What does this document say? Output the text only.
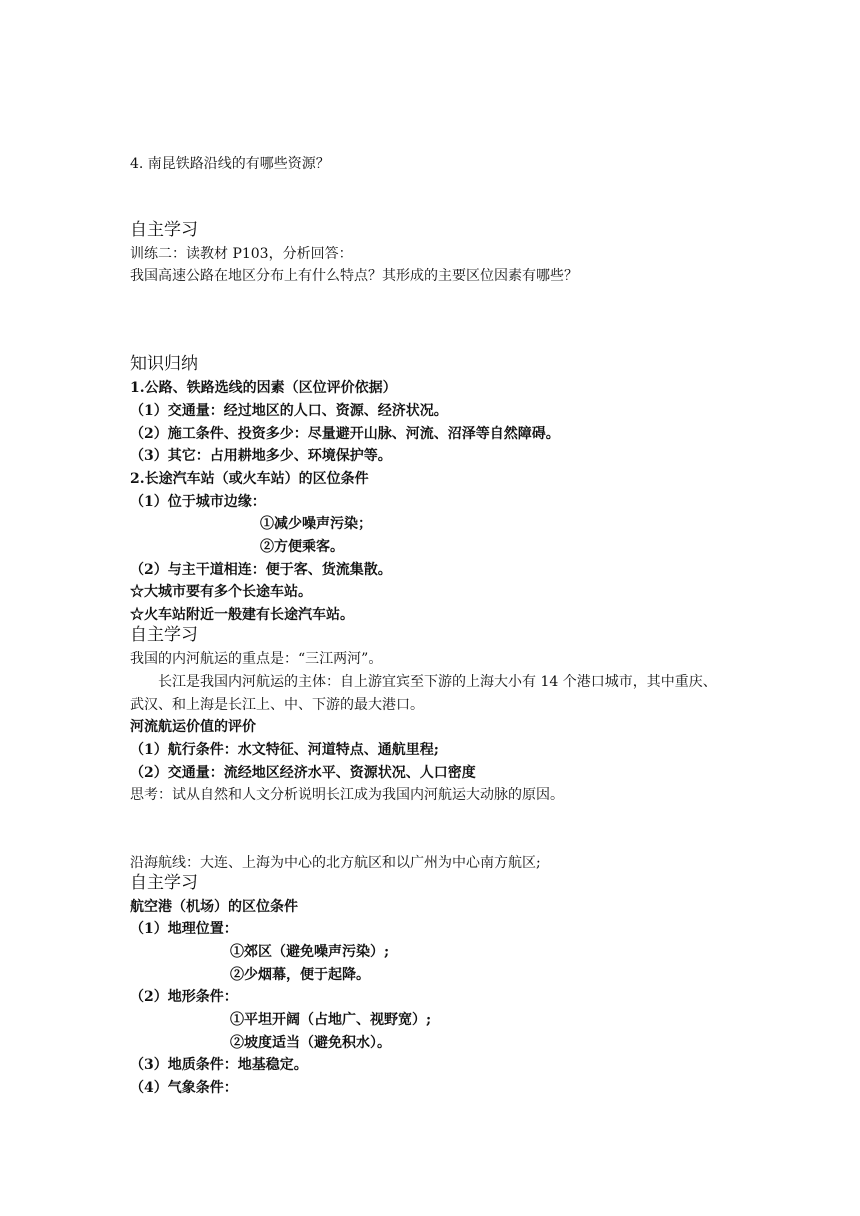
4. 南昆铁路沿线的有哪些资源？
自主学习
训练二：读教材 P103，分析回答：
我国高速公路在地区分布上有什么特点？其形成的主要区位因素有哪些？
知识归纳
1.公路、铁路选线的因素（区位评价依据）
（1）交通量：经过地区的人口、资源、经济状况。
（2）施工条件、投资多少：尽量避开山脉、河流、沼泽等自然障碍。
（3）其它：占用耕地多少、环境保护等。
2.长途汽车站（或火车站）的区位条件
（1）位于城市边缘：
①减少噪声污染；
②方便乘客。
（2）与主干道相连：便于客、货流集散。
☆大城市要有多个长途车站。
☆火车站附近一般建有长途汽车站。
自主学习
我国的内河航运的重点是：“三江两河”。
长江是我国内河航运的主体：自上游宜宾至下游的上海大小有 14 个港口城市，其中重庆、武汉、和上海是长江上、中、下游的最大港口。
河流航运价值的评价
（1）航行条件：水文特征、河道特点、通航里程;
（2）交通量：流经地区经济水平、资源状况、人口密度
思考：试从自然和人文分析说明长江成为我国内河航运大动脉的原因。
沿海航线：大连、上海为中心的北方航区和以广州为中心南方航区;
自主学习
航空港（机场）的区位条件
（1）地理位置：
①郊区（避免噪声污染）;
②少烟幕，便于起降。
（2）地形条件：
①平坦开阔（占地广、视野宽）;
②坡度适当（避免积水）。
（3）地质条件：地基稳定。
（4）气象条件：
